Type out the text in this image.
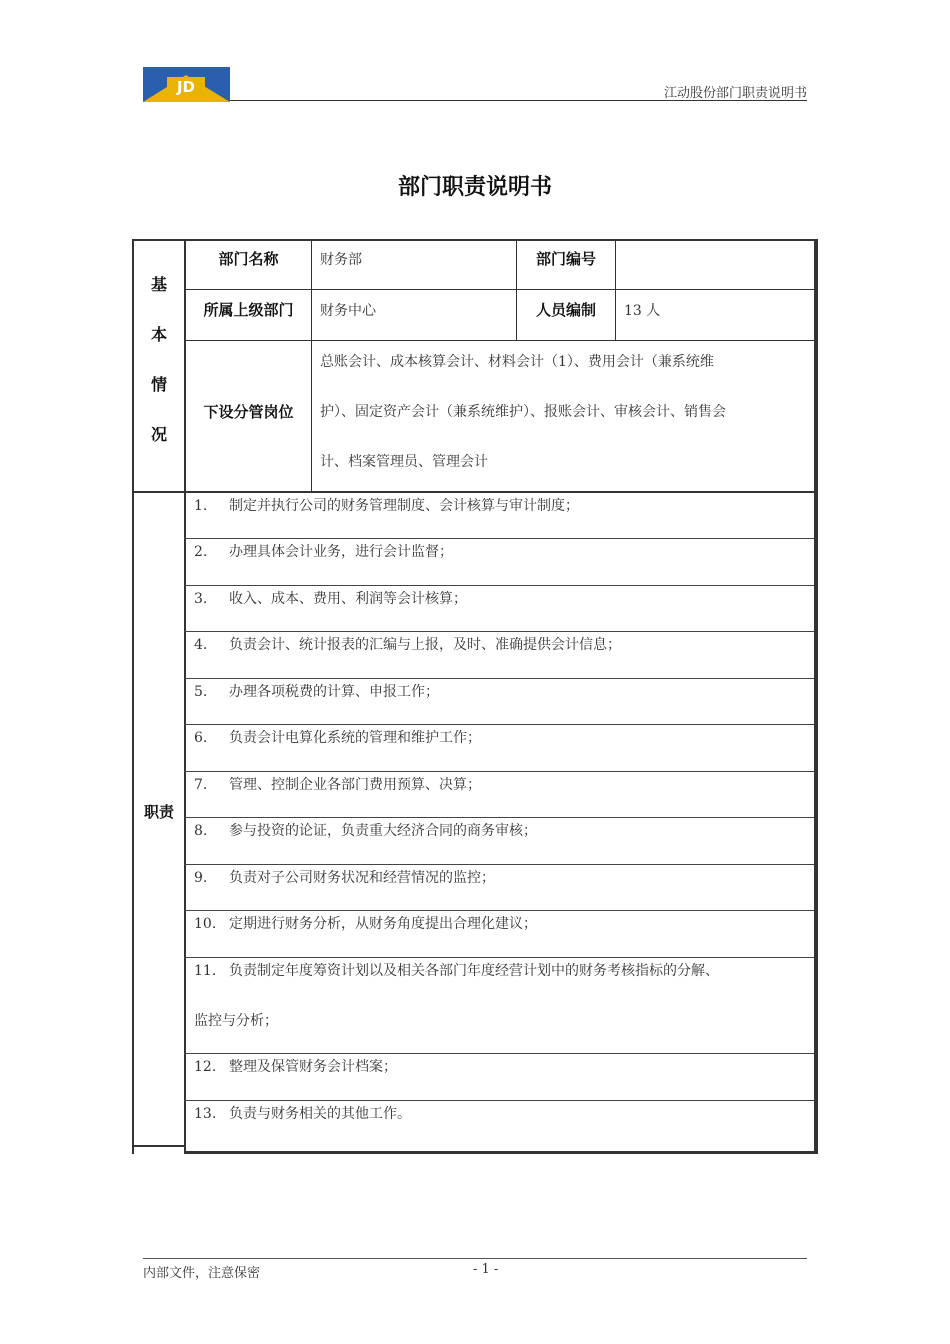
JD	江动股份部门职责说明书
部门职责说明书
基
本
情
况
部门名称	财务部	部门编号
所属上级部门	财务中心	人员编制	13 人
下设分管岗位
总账会计、成本核算会计、材料会计（1）、费用会计（兼系统维
护）、固定资产会计（兼系统维护）、报账会计、审核会计、销售会
计、档案管理员、管理会计
职责
1. 制定并执行公司的财务管理制度、会计核算与审计制度；
2. 办理具体会计业务，进行会计监督；
3. 收入、成本、费用、利润等会计核算；
4. 负责会计、统计报表的汇编与上报，及时、准确提供会计信息；
5. 办理各项税费的计算、申报工作；
6. 负责会计电算化系统的管理和维护工作；
7. 管理、控制企业各部门费用预算、决算；
8. 参与投资的论证，负责重大经济合同的商务审核；
9. 负责对子公司财务状况和经营情况的监控；
10. 定期进行财务分析，从财务角度提出合理化建议；
11. 负责制定年度筹资计划以及相关各部门年度经营计划中的财务考核指标的分解、
监控与分析；
12. 整理及保管财务会计档案；
13. 负责与财务相关的其他工作。
内部文件，注意保密	- 1 -
